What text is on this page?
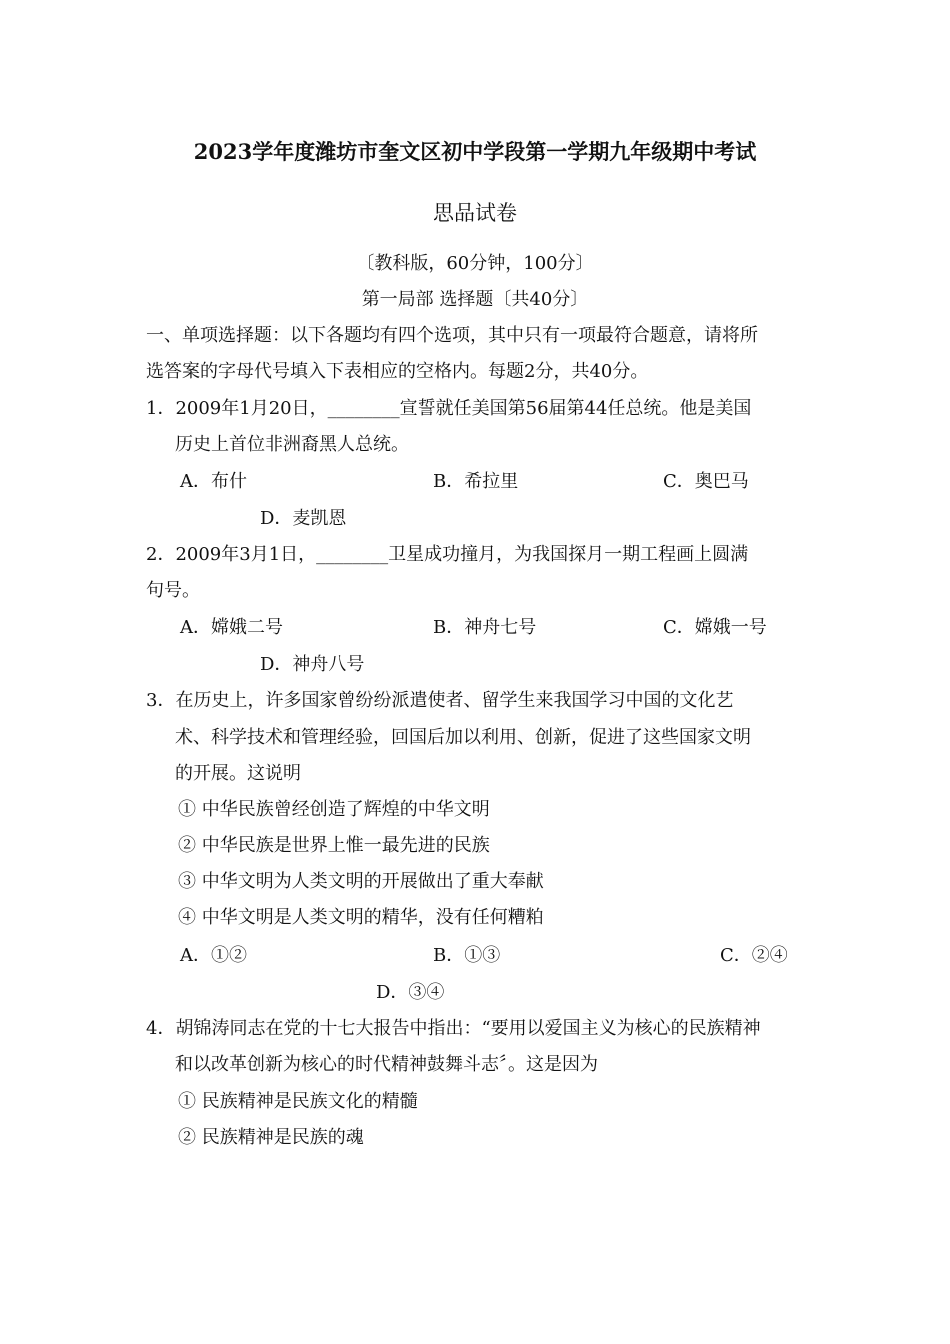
2023学年度潍坊市奎文区初中学段第一学期九年级期中考试
思品试卷
〔教科版，60分钟，100分〕
第一局部 选择题〔共40分〕
一、单项选择题：以下各题均有四个选项，其中只有一项最符合题意，请将所
选答案的字母代号填入下表相应的空格内。每题2分，共40分。
1．2009年1月20日，________宣誓就任美国第56届第44任总统。他是美国
历史上首位非洲裔黑人总统。
A．布什	B．希拉里	C．奥巴马
D．麦凯恩
2．2009年3月1日，________卫星成功撞月，为我国探月一期工程画上圆满
句号。
A．嫦娥二号	B．神舟七号	C．嫦娥一号
D．神舟八号
3．在历史上，许多国家曾纷纷派遣使者、留学生来我国学习中国的文化艺
术、科学技术和管理经验，回国后加以利用、创新，促进了这些国家文明
的开展。这说明
① 中华民族曾经创造了辉煌的中华文明
② 中华民族是世界上惟一最先进的民族
③ 中华文明为人类文明的开展做出了重大奉献
④ 中华文明是人类文明的精华，没有任何糟粕
A．①②	B．①③	C．②④
D．③④
4．胡锦涛同志在党的十七大报告中指出：“要用以爱国主义为核心的民族精神
和以改革创新为核心的时代精神鼓舞斗志〞。这是因为
① 民族精神是民族文化的精髓
② 民族精神是民族的魂
